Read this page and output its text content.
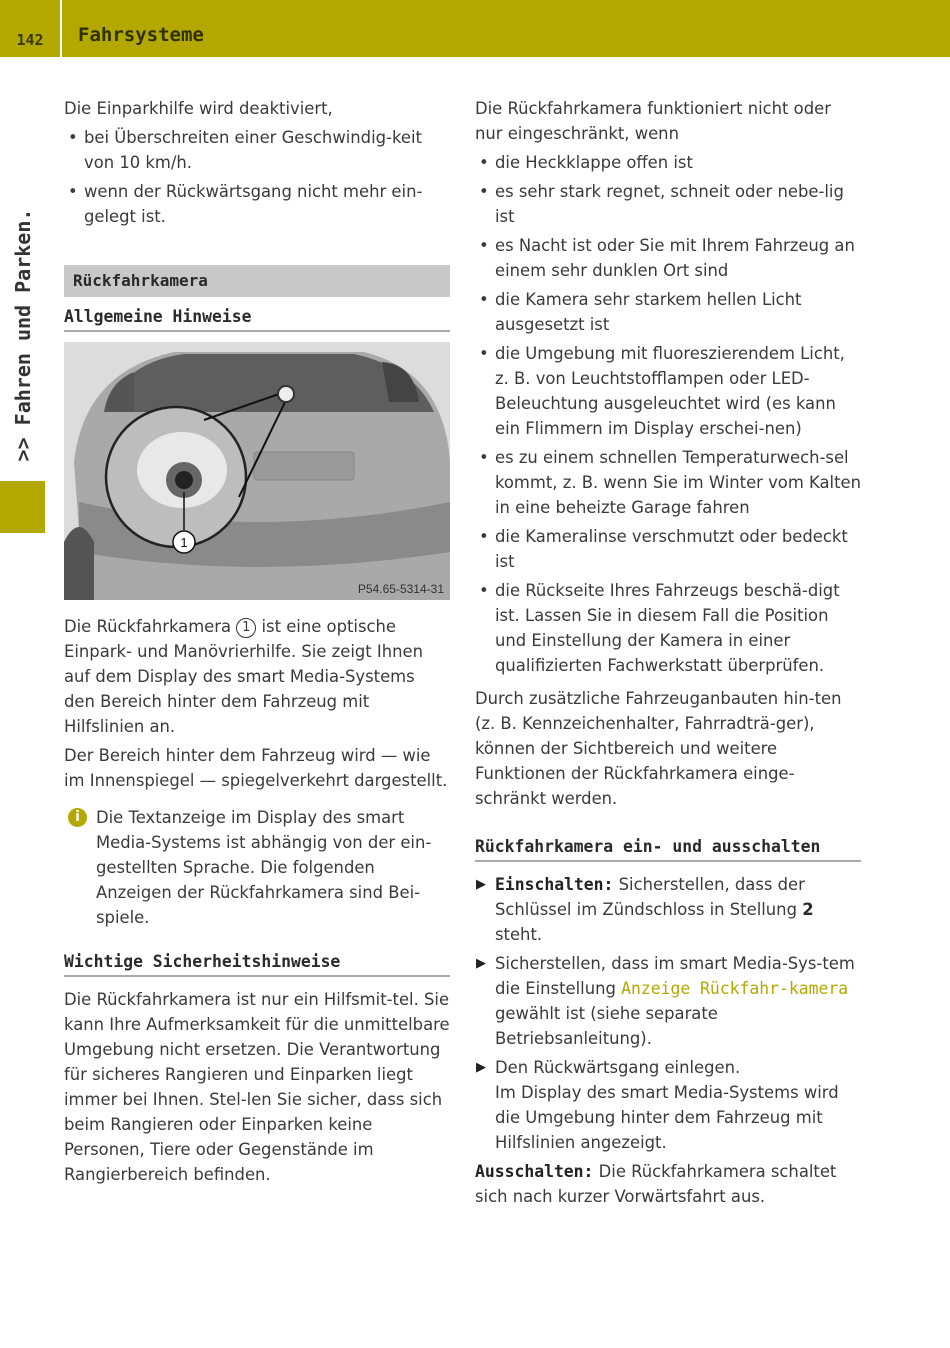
142	Fahrsysteme
>> Fahren und Parken.

Die Einparkhilfe wird deaktiviert,

• bei Überschreiten einer Geschwindig-keit von 10 km/h.
• wenn der Rückwärtsgang nicht mehr ein-gelegt ist.
Rückfahrkamera
Allgemeine Hinweise
1
P54.65-5314-31

Die Rückfahrkamera 1 ist eine optische Einpark- und Manövrierhilfe. Sie zeigt Ihnen auf dem Display des smart Media-Systems den Bereich hinter dem Fahrzeug mit Hilfslinien an.

Der Bereich hinter dem Fahrzeug wird — wie im Innenspiegel — spiegelverkehrt dargestellt.

i Die Textanzeige im Display des smart Media-Systems ist abhängig von der ein-gestellten Sprache. Die folgenden Anzeigen der Rückfahrkamera sind Bei-spiele.
Wichtige Sicherheitshinweise

Die Rückfahrkamera ist nur ein Hilfsmit-tel. Sie kann Ihre Aufmerksamkeit für die unmittelbare Umgebung nicht ersetzen. Die Verantwortung für sicheres Rangieren und Einparken liegt immer bei Ihnen. Stel-len Sie sicher, dass sich beim Rangieren oder Einparken keine Personen, Tiere oder Gegenstände im Rangierbereich befinden.

Die Rückfahrkamera funktioniert nicht oder nur eingeschränkt, wenn

• die Heckklappe offen ist
• es sehr stark regnet, schneit oder nebe-lig ist
• es Nacht ist oder Sie mit Ihrem Fahrzeug an einem sehr dunklen Ort sind
• die Kamera sehr starkem hellen Licht ausgesetzt ist
• die Umgebung mit fluoreszierendem Licht, z. B. von Leuchtstofflampen oder LED-Beleuchtung ausgeleuchtet wird (es kann ein Flimmern im Display erschei-nen)
• es zu einem schnellen Temperaturwech-sel kommt, z. B. wenn Sie im Winter vom Kalten in eine beheizte Garage fahren
• die Kameralinse verschmutzt oder bedeckt ist
• die Rückseite Ihres Fahrzeugs beschä-digt ist. Lassen Sie in diesem Fall die Position und Einstellung der Kamera in einer qualifizierten Fachwerkstatt überprüfen.

Durch zusätzliche Fahrzeuganbauten hin-ten (z. B. Kennzeichenhalter, Fahrradträ-ger), können der Sichtbereich und weitere Funktionen der Rückfahrkamera einge-schränkt werden.

Rückfahrkamera ein- und ausschalten
▶ Einschalten: Sicherstellen, dass der Schlüssel im Zündschloss in Stellung 2 steht.
▶ Sicherstellen, dass im smart Media-Sys-tem die Einstellung Anzeige Rückfahr-kamera gewählt ist (siehe separate Betriebsanleitung).
▶ Den Rückwärtsgang einlegen.
Im Display des smart Media-Systems wird die Umgebung hinter dem Fahrzeug mit Hilfslinien angezeigt.

Ausschalten: Die Rückfahrkamera schaltet sich nach kurzer Vorwärtsfahrt aus.
